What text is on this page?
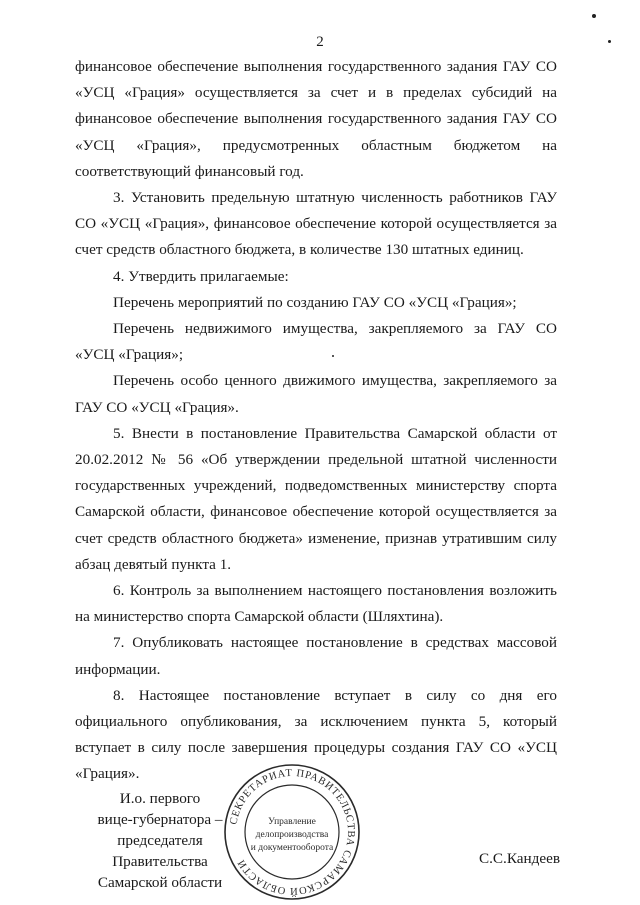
2

финансовое обеспечение выполнения государственного задания ГАУ СО «УСЦ «Грация» осуществляется за счет и в пределах субсидий на финансовое обеспечение выполнения государственного задания ГАУ СО «УСЦ «Грация», предусмотренных областным бюджетом на соответствующий финансовый год.

3. Установить предельную штатную численность работников ГАУ СО «УСЦ «Грация», финансовое обеспечение которой осуществляется за счет средств областного бюджета, в количестве 130 штатных единиц.

4. Утвердить прилагаемые:

Перечень мероприятий по созданию ГАУ СО «УСЦ «Грация»;

Перечень недвижимого имущества, закрепляемого за ГАУ СО «УСЦ «Грация»;

Перечень особо ценного движимого имущества, закрепляемого за ГАУ СО «УСЦ «Грация».

5. Внести в постановление Правительства Самарской области от 20.02.2012 № 56 «Об утверждении предельной штатной численности государственных учреждений, подведомственных министерству спорта Самарской области, финансовое обеспечение которой осуществляется за счет средств областного бюджета» изменение, признав утратившим силу абзац девятый пункта 1.

6. Контроль за выполнением настоящего постановления возложить на министерство спорта Самарской области (Шляхтина).

7. Опубликовать настоящее постановление в средствах массовой информации.

8. Настоящее постановление вступает в силу со дня его официального опубликования, за исключением пункта 5, который вступает в силу после завершения процедуры создания ГАУ СО «УСЦ «Грация».

И.о. первого
вице-губернатора –
председателя Правительства
Самарской области
С.С.Кандеев
СЕКРЕТАРИАТ ПРАВИТЕЛЬСТВА САМАРСКОЙ ОБЛАСТИ
Управление
делопроизводства
и документооборота
